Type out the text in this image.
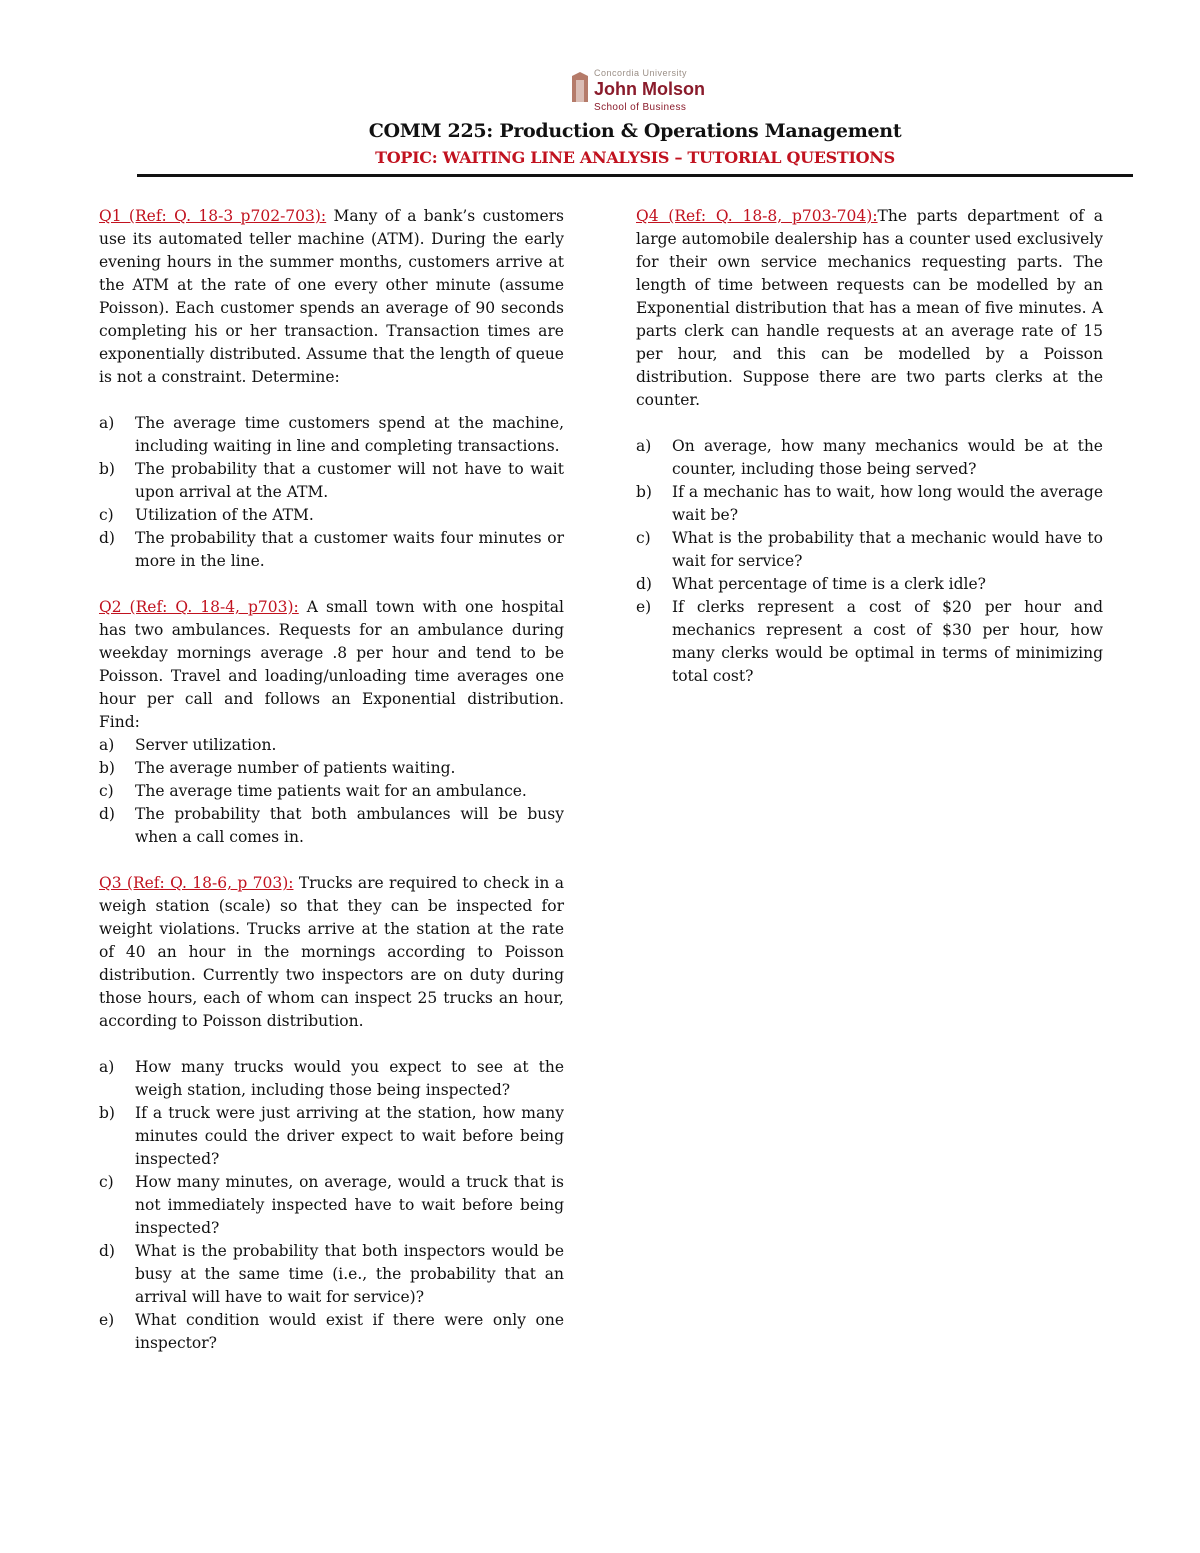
Concordia University
John Molson
School of Business
COMM 225: Production & Operations Management
TOPIC: WAITING LINE ANALYSIS – TUTORIAL QUESTIONS

Q1 (Ref: Q. 18-3 p702-703): Many of a bank’s customers use its automated teller machine (ATM). During the early evening hours in the summer months, customers arrive at the ATM at the rate of one every other minute (assume Poisson). Each customer spends an average of 90 seconds completing his or her transaction. Transaction times are exponentially distributed. Assume that the length of queue is not a constraint. Determine:

a) The average time customers spend at the machine, including waiting in line and completing transactions.
b) The probability that a customer will not have to wait upon arrival at the ATM.
c) Utilization of the ATM.
d) The probability that a customer waits four minutes or more in the line.

Q2 (Ref: Q. 18-4, p703): A small town with one hospital has two ambulances. Requests for an ambulance during weekday mornings average .8 per hour and tend to be Poisson. Travel and loading/unloading time averages one hour per call and follows an Exponential distribution. Find:

a) Server utilization.
b) The average number of patients waiting.
c) The average time patients wait for an ambulance.
d) The probability that both ambulances will be busy when a call comes in.

Q3 (Ref: Q. 18-6, p 703): Trucks are required to check in a weigh station (scale) so that they can be inspected for weight violations. Trucks arrive at the station at the rate of 40 an hour in the mornings according to Poisson distribution. Currently two inspectors are on duty during those hours, each of whom can inspect 25 trucks an hour, according to Poisson distribution.

a) How many trucks would you expect to see at the weigh station, including those being inspected?
b) If a truck were just arriving at the station, how many minutes could the driver expect to wait before being inspected?
c) How many minutes, on average, would a truck that is not immediately inspected have to wait before being inspected?
d) What is the probability that both inspectors would be busy at the same time (i.e., the probability that an arrival will have to wait for service)?
e) What condition would exist if there were only one inspector?

Q4 (Ref: Q. 18-8, p703-704):The parts department of a large automobile dealership has a counter used exclusively for their own service mechanics requesting parts. The length of time between requests can be modelled by an Exponential distribution that has a mean of five minutes. A parts clerk can handle requests at an average rate of 15 per hour, and this can be modelled by a Poisson distribution. Suppose there are two parts clerks at the counter.

a) On average, how many mechanics would be at the counter, including those being served?
b) If a mechanic has to wait, how long would the average wait be?
c) What is the probability that a mechanic would have to wait for service?
d) What percentage of time is a clerk idle?
e) If clerks represent a cost of $20 per hour and mechanics represent a cost of $30 per hour, how many clerks would be optimal in terms of minimizing total cost?
